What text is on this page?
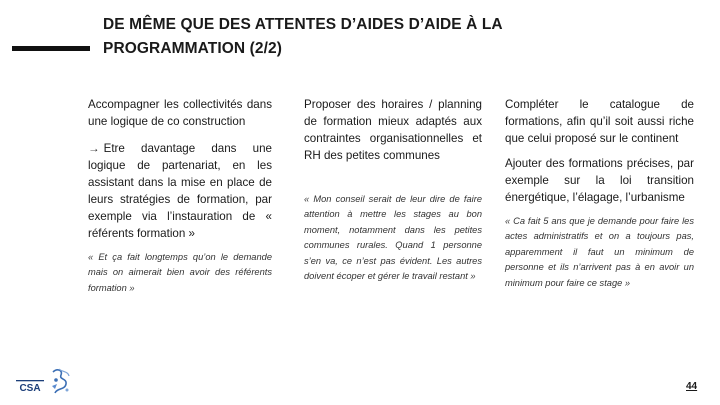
DE MÊME QUE DES ATTENTES D’AIDES D’AIDE À LA PROGRAMMATION (2/2)

Accompagner les collectivités dans une logique de co construction

→ Etre davantage dans une logique de partenariat, en les assistant dans la mise en place de leurs stratégies de formation, par exemple via l’instauration de « référents formation »

« Et ça fait longtemps qu’on le demande mais on aimerait bien avoir des référents formation »

Proposer des horaires / planning de formation mieux adaptés aux contraintes organisationnelles et RH des petites communes

« Mon conseil serait de leur dire de faire attention à mettre les stages au bon moment, notamment dans les petites communes rurales. Quand 1 personne s’en va, ce n’est pas évident. Les autres doivent écoper et gérer le travail restant »

Compléter le catalogue de formations, afin qu’il soit aussi riche que celui proposé sur le continent

Ajouter des formations précises, par exemple sur la loi transition énergétique, l’élagage, l’urbanisme

« Ca fait 5 ans que je demande pour faire les actes administratifs et on a toujours pas, apparemment il faut un minimum de personne et ils n’arrivent pas à en avoir un minimum pour faire ce stage »

CSA	44
